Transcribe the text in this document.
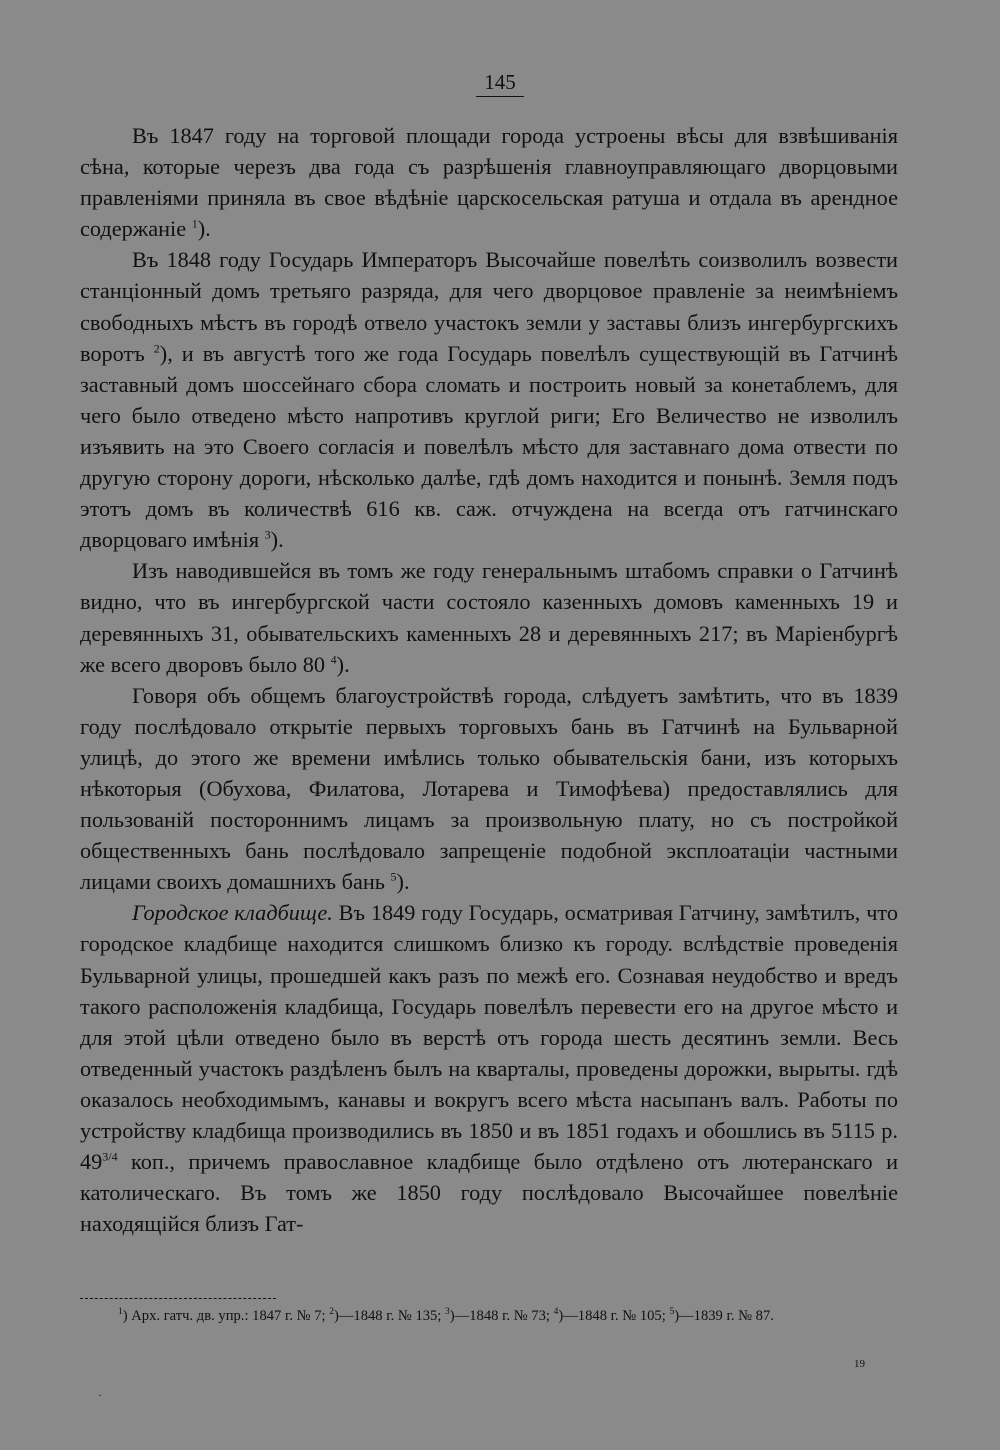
145

Въ 1847 году на торговой площади города устроены вѣсы для взвѣшиванія сѣна, которые черезъ два года съ разрѣшенія главноуправляющаго дворцовыми правленіями приняла въ свое вѣдѣніе царскосельская ратуша и отдала въ арендное содержаніе $^1$).

Въ 1848 году Государь Императоръ Высочайше повелѣть соизволилъ возвести станціонный домъ третьяго разряда, для чего дворцовое правленіе за неимѣніемъ свободныхъ мѣстъ въ городѣ отвело участокъ земли у заставы близъ ингербургскихъ воротъ $^2$), и въ августѣ того же года Государь повелѣлъ существующій въ Гатчинѣ заставный домъ шоссейнаго сбора сломать и построить новый за конетаблемъ, для чего было отведено мѣсто напротивъ круглой риги; Его Величество не изволилъ изъявить на это Своего согласія и повелѣлъ мѣсто для заставнаго дома отвести по другую сторону дороги, нѣсколько далѣе, гдѣ домъ находится и понынѣ. Земля подъ этотъ домъ въ количествѣ 616 кв. саж. отчуждена на всегда отъ гатчинскаго дворцоваго имѣнія $^3$).

Изъ наводившейся въ томъ же году генеральнымъ штабомъ справки о Гатчинѣ видно, что въ ингербургской части состояло казенныхъ домовъ каменныхъ 19 и деревянныхъ 31, обывательскихъ каменныхъ 28 и деревянныхъ 217; въ Маріенбургѣ же всего дворовъ было 80 $^4$).

Говоря объ общемъ благоустройствѣ города, слѣдуетъ замѣтить, что въ 1839 году послѣдовало открытіе первыхъ торговыхъ бань въ Гатчинѣ на Бульварной улицѣ, до этого же времени имѣлись только обывательскія бани, изъ которыхъ нѣкоторыя (Обухова, Филатова, Лотарева и Тимофѣева) предоставлялись для пользованій постороннимъ лицамъ за произвольную плату, но съ постройкой общественныхъ бань послѣдовало запрещеніе подобной эксплоатаціи частными лицами своихъ домашнихъ бань $^5$).

Городское кладбище. Въ 1849 году Государь, осматривая Гатчину, замѣтилъ, что городское кладбище находится слишкомъ близко къ городу. вслѣдствіе проведенія Бульварной улицы, прошедшей какъ разъ по межѣ его. Сознавая неудобство и вредъ такого расположенія кладбища, Государь повелѣлъ перевести его на другое мѣсто и для этой цѣли отведено было въ верстѣ отъ города шесть десятинъ земли. Весь отведенный участокъ раздѣленъ былъ на кварталы, проведены дорожки, вырыты. гдѣ оказалось необходимымъ, канавы и вокругъ всего мѣста насыпанъ валъ. Работы по устройству кладбища производились въ 1850 и въ 1851 годахъ и обошлись въ 5115 р. $49^{3/4}$ коп., причемъ православное кладбище было отдѣлено отъ лютеранскаго и католическаго. Въ томъ же 1850 году послѣдовало Высочайшее повелѣніе находящійся близъ Гат-

$^1$) Арх. гатч. дв. упр.: 1847 г. № 7; $^2$)—1848 г. № 135; $^3$)—1848 г. № 73; $^4$)—1848 г. № 105; $^5$)—1839 г. № 87.

19
·
